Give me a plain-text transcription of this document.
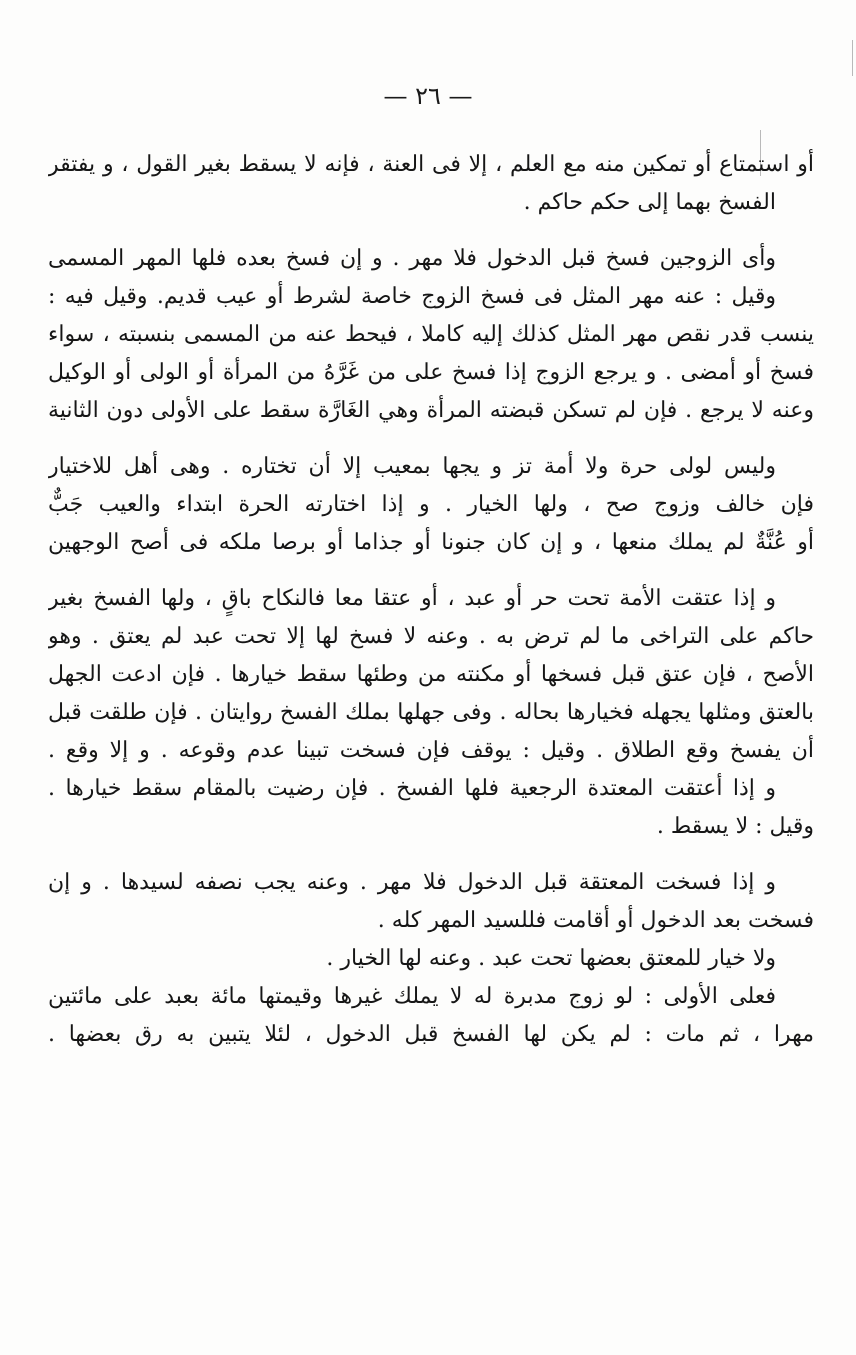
— ٢٦ —
أو استمتاع أو تمكين منه مع العلم ، إلا فى العنة ، فإنه لا يسقط بغير القول ، و يفتقر
الفسخ بهما إلى حكم حاكم .
وأى الزوجين فسخ قبل الدخول فلا مهر . و إن فسخ بعده فلها المهر المسمى
وقيل : عنه مهر المثل فى فسخ الزوج خاصة لشرط أو عيب قديم. وقيل فيه :
ينسب قدر نقص مهر المثل كذلك إليه كاملا ، فيحط عنه من المسمى بنسبته ، سواء
فسخ أو أمضى . و يرجع الزوج إذا فسخ على من غَرَّهُ من المرأة أو الولى أو الوكيل
وعنه لا يرجع . فإن لم تسكن قبضته المرأة وهي الغَارَّة سقط على الأولى دون الثانية
وليس لولى حرة ولا أمة تز و يجها بمعيب إلا أن تختاره . وهى أهل للاختيار
فإن خالف وزوج صح ، ولها الخيار . و إذا اختارته الحرة ابتداء والعيب جَبٌّ
أو عُنَّةٌ لم يملك منعها ، و إن كان جنونا أو جذاما أو برصا ملكه فى أصح الوجهين
و إذا عتقت الأمة تحت حر أو عبد ، أو عتقا معا فالنكاح باقٍ ، ولها الفسخ بغير
حاكم على التراخى ما لم ترض به . وعنه لا فسخ لها إلا تحت عبد لم يعتق . وهو
الأصح ، فإن عتق قبل فسخها أو مكنته من وطئها سقط خيارها . فإن ادعت الجهل
بالعتق ومثلها يجهله فخيارها بحاله . وفى جهلها بملك الفسخ روايتان . فإن طلقت قبل
أن يفسخ وقع الطلاق . وقيل : يوقف فإن فسخت تبينا عدم وقوعه . و إلا وقع .
و إذا أعتقت المعتدة الرجعية فلها الفسخ . فإن رضيت بالمقام سقط خيارها .
وقيل : لا يسقط .
و إذا فسخت المعتقة قبل الدخول فلا مهر . وعنه يجب نصفه لسيدها . و إن
فسخت بعد الدخول أو أقامت فللسيد المهر كله .
ولا خيار للمعتق بعضها تحت عبد . وعنه لها الخيار .
فعلى الأولى : لو زوج مدبرة له لا يملك غيرها وقيمتها مائة بعبد على مائتين
مهرا ، ثم مات : لم يكن لها الفسخ قبل الدخول ، لئلا يتبين به رق بعضها .
